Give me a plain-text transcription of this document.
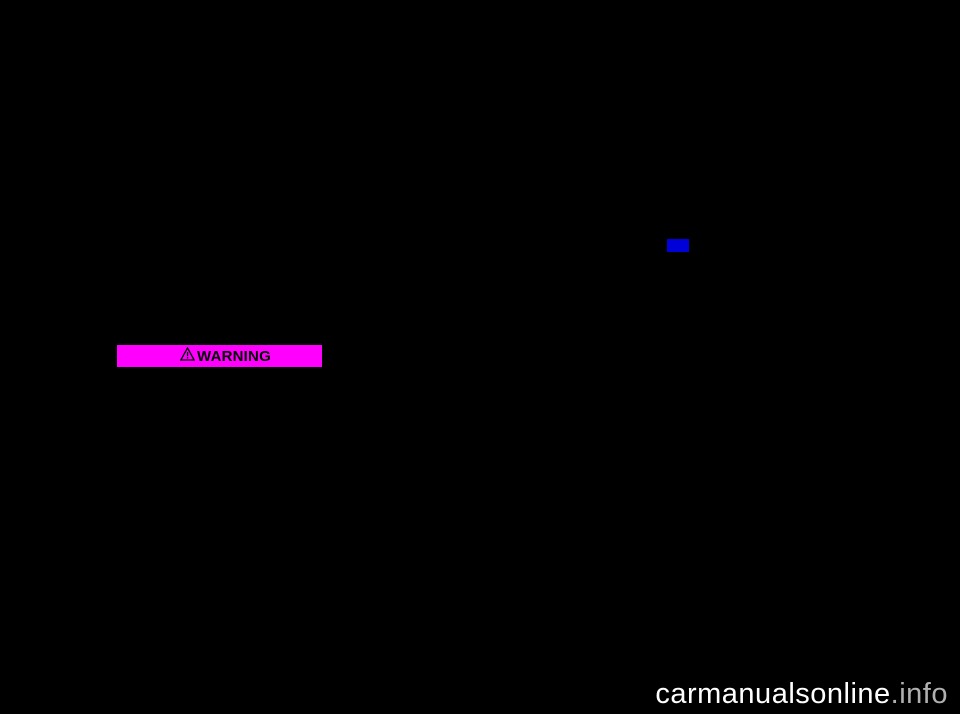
WARNING
carmanualsonline.info
